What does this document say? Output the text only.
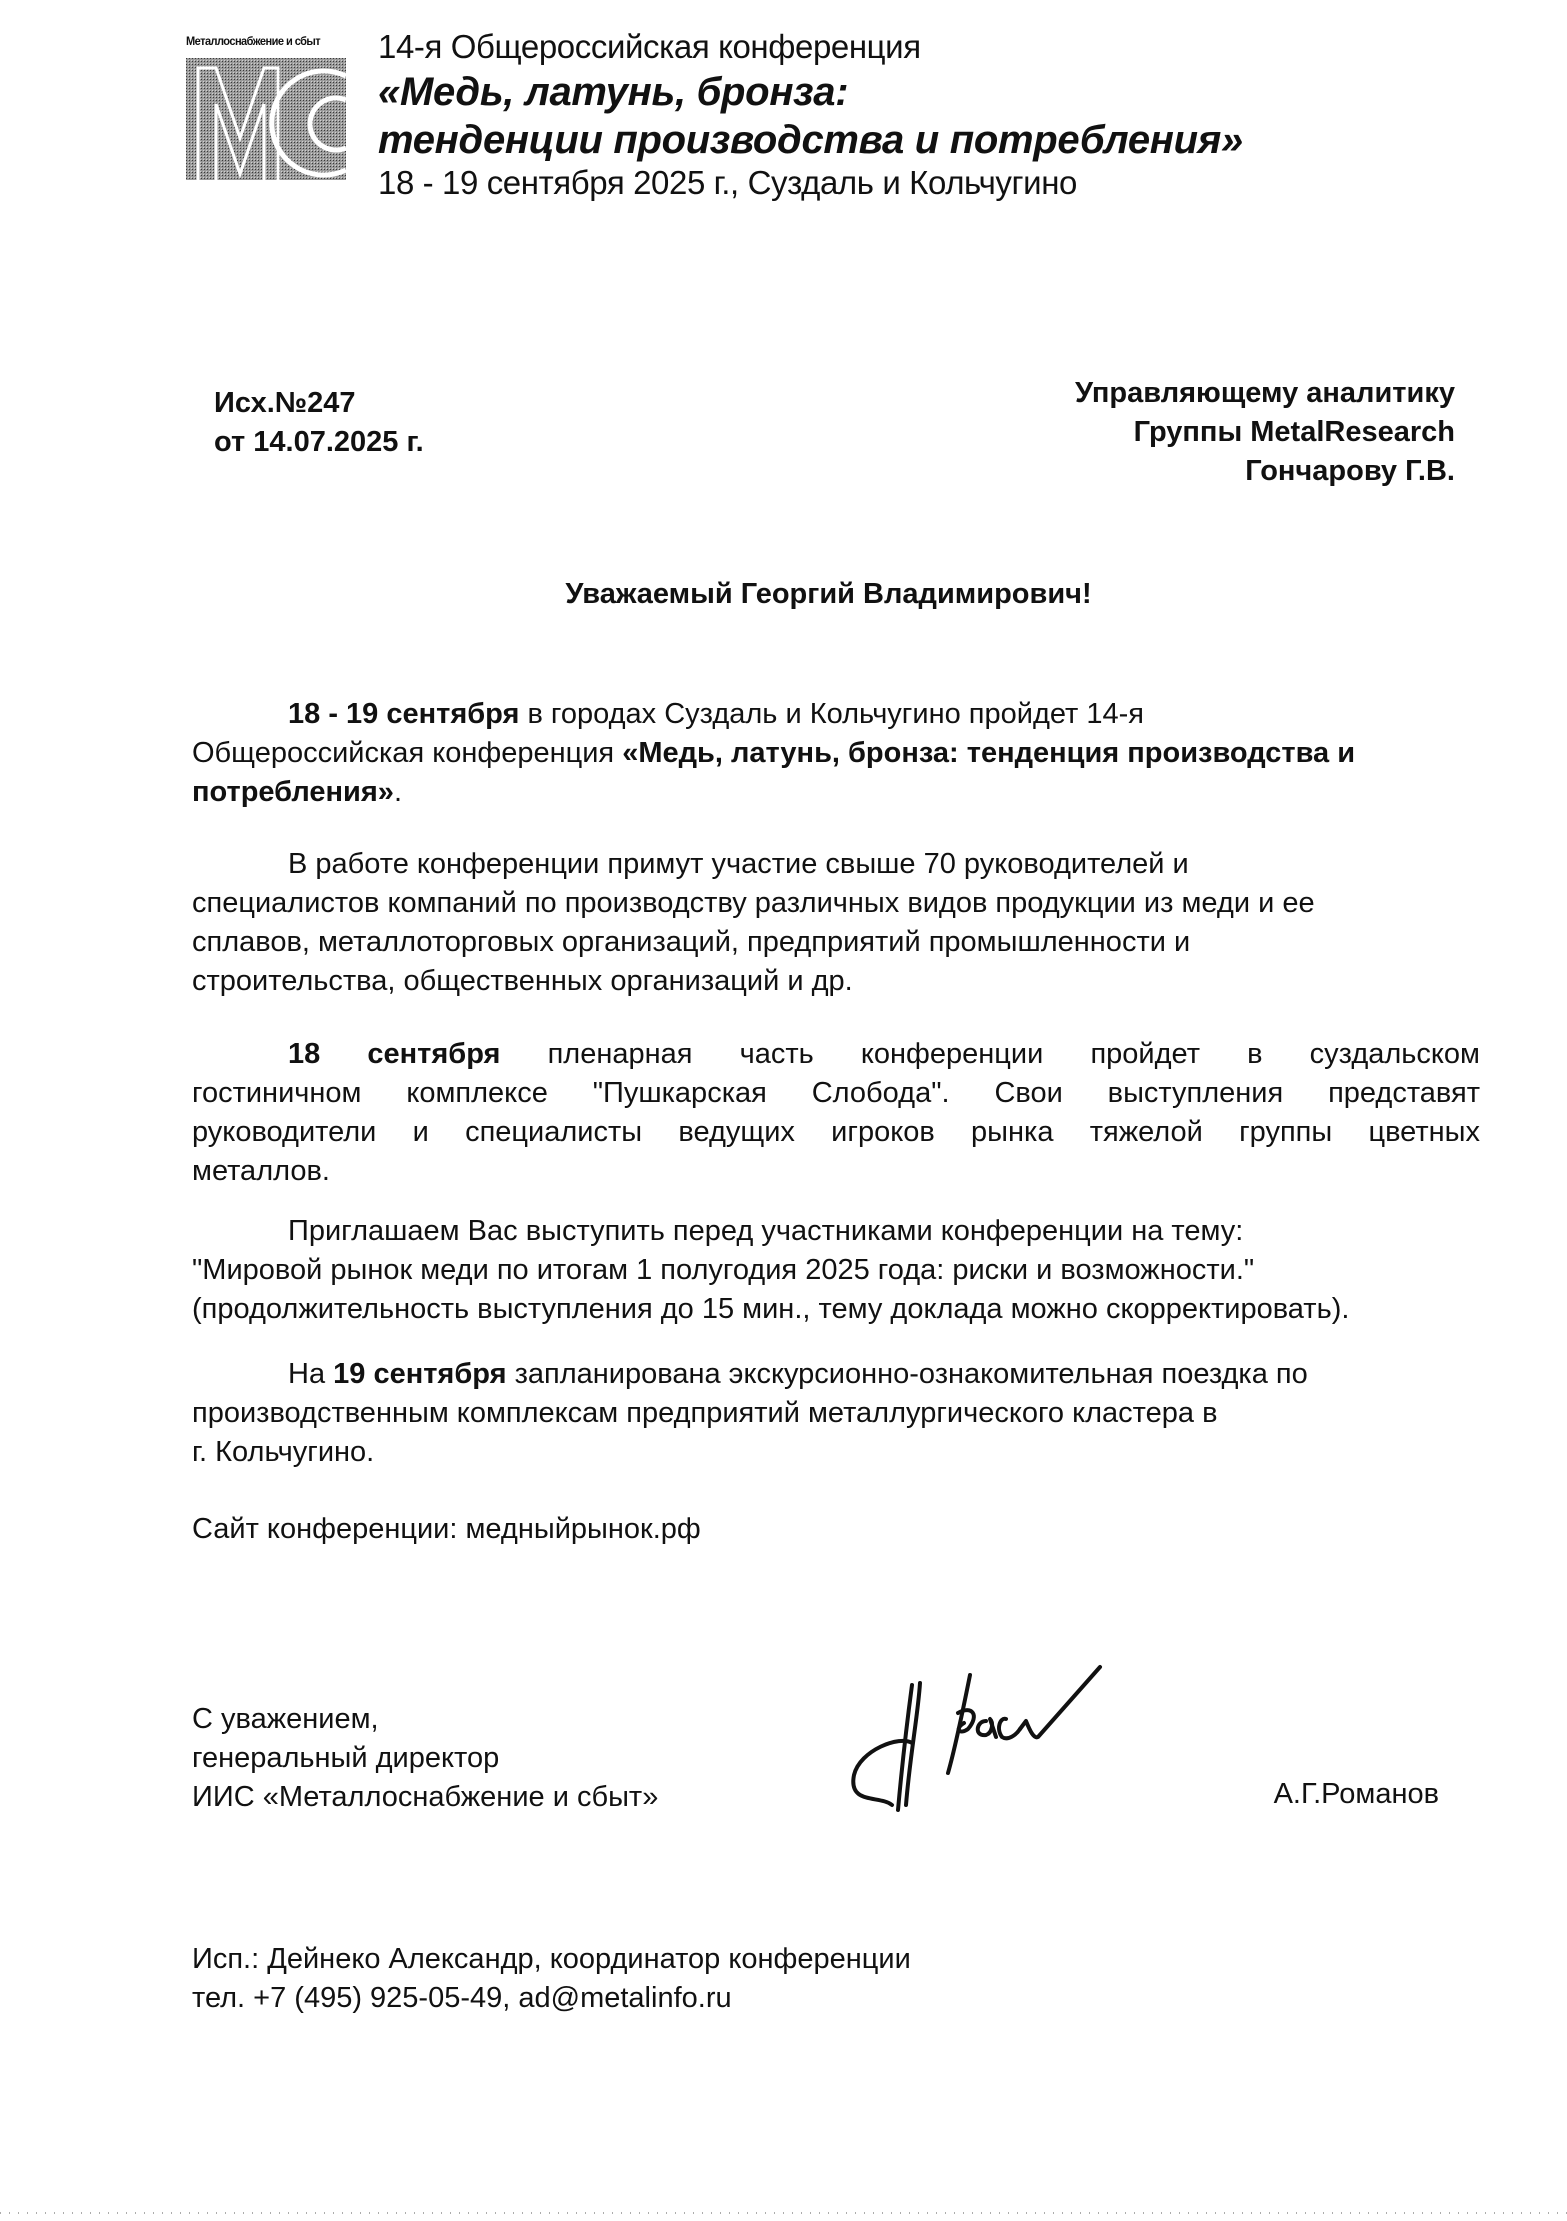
Металлоснабжение и сбыт	14-я Общероссийская конференция
«Медь, латунь, бронза:
тенденции производства и потребления»
18 - 19 сентября 2025 г., Суздаль и Кольчугино
Исх.№247
от 14.07.2025 г.
Управляющему аналитику
Группы MetalResearch
Гончарову Г.В.
Уважаемый Георгий Владимирович!
18 - 19 сентября в городах Суздаль и Кольчугино пройдет 14-я
Общероссийская конференция «Медь, латунь, бронза: тенденция производства и
потребления».
В работе конференции примут участие свыше 70 руководителей и
специалистов компаний по производству различных видов продукции из меди и ее
сплавов, металлоторговых организаций, предприятий промышленности и
строительства, общественных организаций и др.
18 сентября пленарная часть конференции пройдет в суздальском
гостиничном комплексе "Пушкарская Слобода". Свои выступления представят
руководители и специалисты ведущих игроков рынка тяжелой группы цветных
металлов.
Приглашаем Вас выступить перед участниками конференции на тему:
"Мировой рынок меди по итогам 1 полугодия 2025 года: риски и возможности."
(продолжительность выступления до 15 мин., тему доклада можно скорректировать).
На 19 сентября запланирована экскурсионно-ознакомительная поездка по
производственным комплексам предприятий металлургического кластера в
г. Кольчугино.
Сайт конференции: медныйрынок.рф
С уважением,
генеральный директор
ИИС «Металлоснабжение и сбыт»	А.Г.Романов
Исп.: Дейнеко Александр, координатор конференции
тел. +7 (495) 925-05-49, ad@metalinfo.ru
